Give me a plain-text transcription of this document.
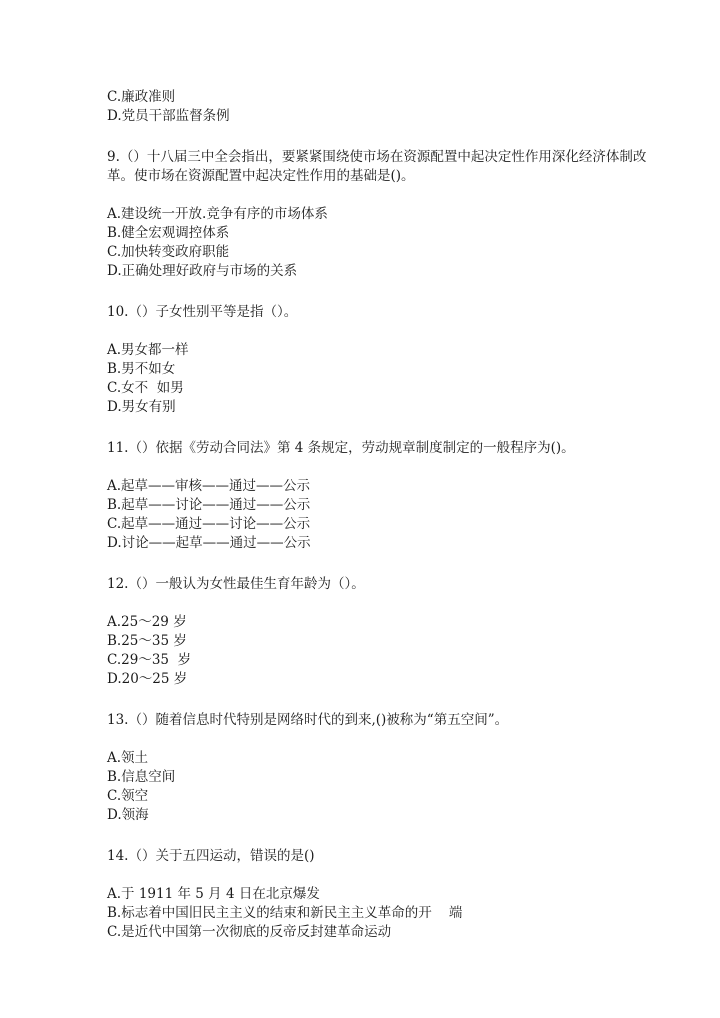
C.廉政准则

D.党员干部监督条例

9.（）十八届三中全会指出，要紧紧围绕使市场在资源配置中起决定性作用深化经济体制改革。使市场在资源配置中起决定性作用的基础是()。

A.建设统一开放.竞争有序的市场体系

B.健全宏观调控体系

C.加快转变政府职能

D.正确处理好政府与市场的关系

10.（）子女性别平等是指（）。

A.男女都一样

B.男不如女

C.女不  如男

D.男女有别

11.（）依据《劳动合同法》第 4 条规定，劳动规章制度制定的一般程序为()。

A.起草——审核——通过——公示

B.起草——讨论——通过——公示

C.起草——通过——讨论——公示

D.讨论——起草——通过——公示

12.（）一般认为女性最佳生育年龄为（）。

A.25～29 岁

B.25～35 岁

C.29～35  岁

D.20～25 岁

13.（）随着信息时代特别是网络时代的到来,()被称为“第五空间”。

A.领土

B.信息空间

C.领空

D.领海

14.（）关于五四运动，错误的是()

A.于 1911 年 5 月 4 日在北京爆发

B.标志着中国旧民主主义的结束和新民主主义革命的开    端

C.是近代中国第一次彻底的反帝反封建革命运动
